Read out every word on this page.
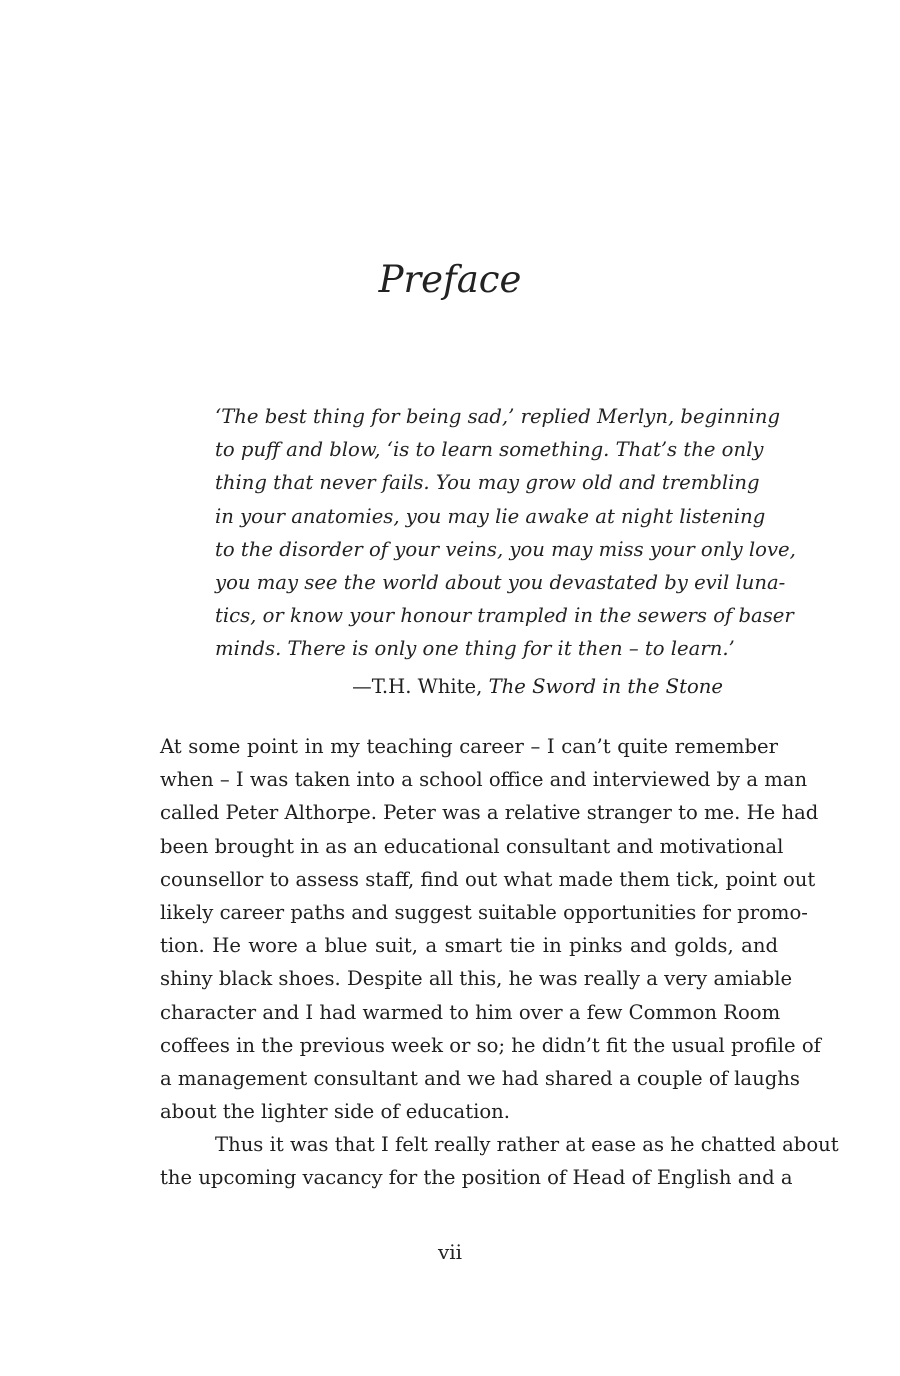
Preface
‘The best thing for being sad,’ replied Merlyn, beginning
to puff and blow, ‘is to learn something. That’s the only
thing that never fails. You may grow old and trembling
in your anatomies, you may lie awake at night listening
to the disorder of your veins, you may miss your only love,
you may see the world about you devastated by evil luna-
tics, or know your honour trampled in the sewers of baser
minds. There is only one thing for it then – to learn.’
—T.H. White, The Sword in the Stone
At some point in my teaching career – I can’t quite remember
when – I was taken into a school office and interviewed by a man
called Peter Althorpe. Peter was a relative stranger to me. He had
been brought in as an educational consultant and motivational
counsellor to assess staff, find out what made them tick, point out
likely career paths and suggest suitable opportunities for promo-
tion. He wore a blue suit, a smart tie in pinks and golds, and
shiny black shoes. Despite all this, he was really a very amiable
character and I had warmed to him over a few Common Room
coffees in the previous week or so; he didn’t fit the usual profile of
a management consultant and we had shared a couple of laughs
about the lighter side of education.
Thus it was that I felt really rather at ease as he chatted about
the upcoming vacancy for the position of Head of English and a
vii
